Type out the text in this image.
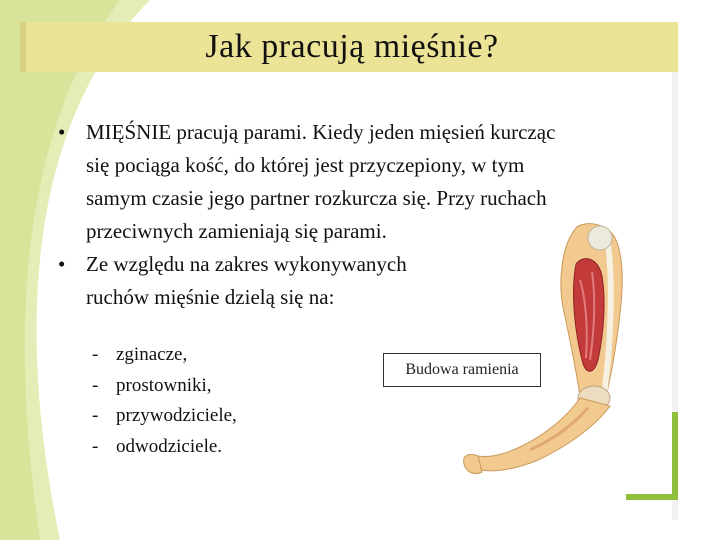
Jak pracują mięśnie?
• MIĘŚNIE pracują parami. Kiedy jeden mięsień kurcząc
się pociąga kość, do której jest przyczepiony, w tym
samym czasie jego partner rozkurcza się. Przy ruchach
przeciwnych zamieniają się parami.
• Ze względu na zakres wykonywanych
ruchów mięśnie dzielą się na:
- zginacze,
- prostowniki,
- przywodziciele,
- odwodziciele.
Budowa ramienia
